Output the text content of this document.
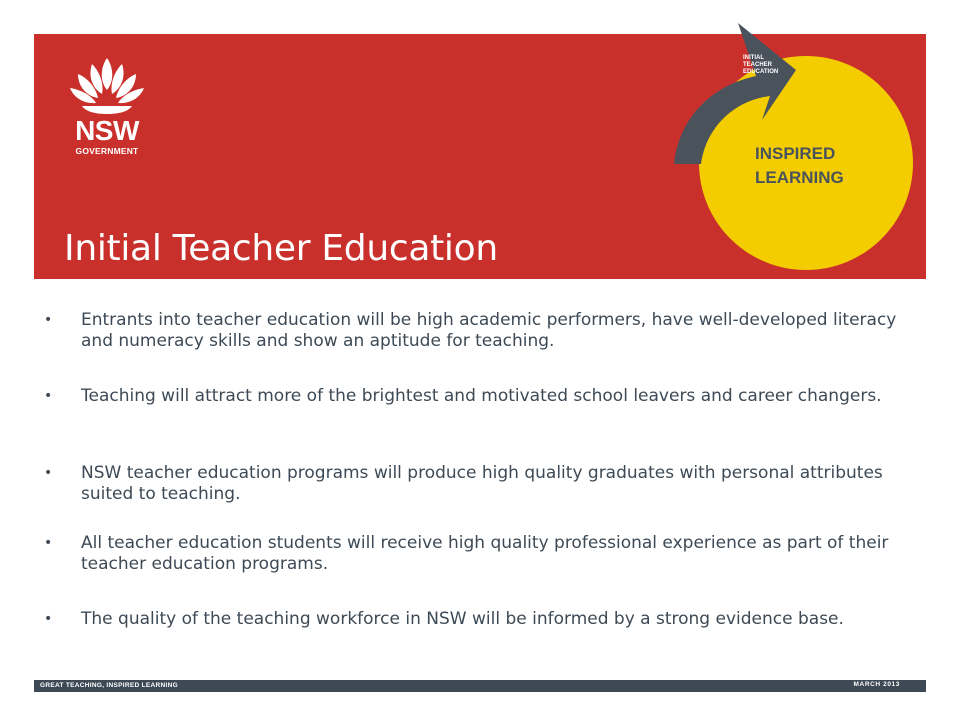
NSW
GOVERNMENT
Initial Teacher Education
INITIAL
TEACHER
EDUCATION
INSPIRED
LEARNING
• Entrants into teacher education will be high academic performers, have well-developed literacy and numeracy skills and show an aptitude for teaching.
• Teaching will attract more of the brightest and motivated school leavers and career changers.
• NSW teacher education programs will produce high quality graduates with personal attributes suited to teaching.
• All teacher education students will receive high quality professional experience as part of their teacher education programs.
• The quality of the teaching workforce in NSW will be informed by a strong evidence base.
GREAT TEACHING, INSPIRED LEARNING	MARCH 2013
